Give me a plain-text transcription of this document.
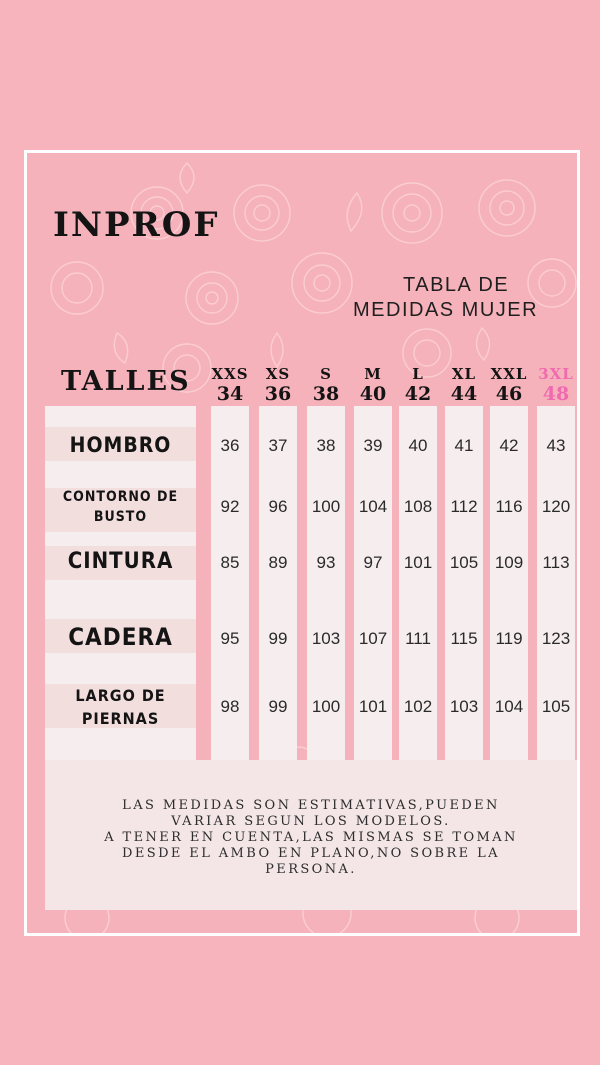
INPROF
TABLA DE
MEDIDAS MUJER
TALLES XXS
34
36
92
85
95
98
XS
36
37
96
89
99
99
S
38
38
100
93
103
100
M
40
39
104
97
107
101
L
42
40
108
101
111
102
XL
44
41
112
105
115
103
XXL
46
42
116
109
119
104
3XL
48
43
120
113
123
105
HOMBRO
CONTORNO DE
BUSTO
CINTURA
CADERA
LARGO DE
PIERNAS
LAS MEDIDAS SON ESTIMATIVAS,PUEDEN
VARIAR SEGUN LOS MODELOS.
A TENER EN CUENTA,LAS MISMAS SE TOMAN
DESDE EL AMBO EN PLANO,NO SOBRE LA
PERSONA.
